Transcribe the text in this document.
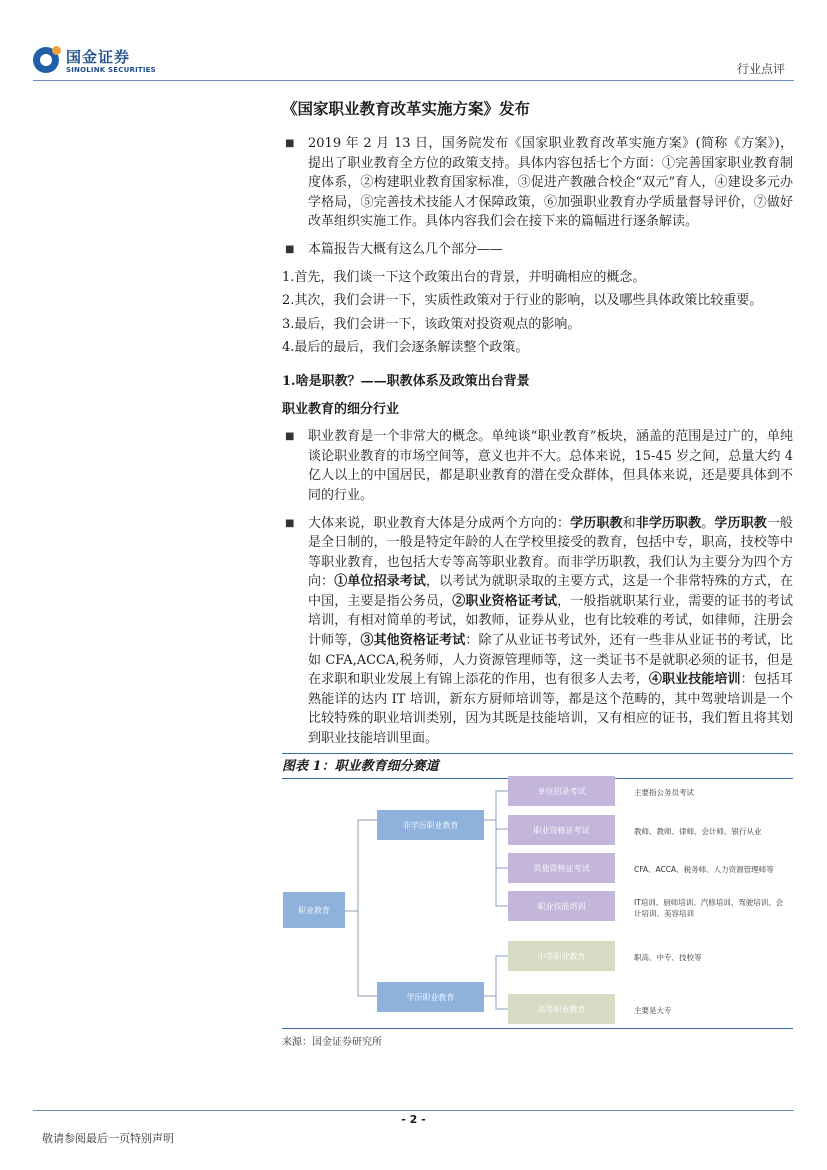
国金证券
SINOLINK SECURITIES	行业点评
《国家职业教育改革实施方案》发布
■ 2019 年 2 月 13 日，国务院发布《国家职业教育改革实施方案》(简称《方案》)，提出了职业教育全方位的政策支持。具体内容包括七个方面：①完善国家职业教育制度体系，②构建职业教育国家标准，③促进产教融合校企“双元”育人，④建设多元办学格局，⑤完善技术技能人才保障政策，⑥加强职业教育办学质量督导评价，⑦做好改革组织实施工作。具体内容我们会在接下来的篇幅进行逐条解读。
■ 本篇报告大概有这么几个部分——
1.首先，我们谈一下这个政策出台的背景，并明确相应的概念。
2.其次，我们会讲一下，实质性政策对于行业的影响，以及哪些具体政策比较重要。
3.最后，我们会讲一下，该政策对投资观点的影响。
4.最后的最后，我们会逐条解读整个政策。
1.啥是职教？——职教体系及政策出台背景
职业教育的细分行业
■ 职业教育是一个非常大的概念。单纯谈“职业教育”板块，涵盖的范围是过广的，单纯谈论职业教育的市场空间等，意义也并不大。总体来说，15-45 岁之间，总量大约 4 亿人以上的中国居民，都是职业教育的潜在受众群体，但具体来说，还是要具体到不同的行业。
■ 大体来说，职业教育大体是分成两个方向的：学历职教和非学历职教。学历职教一般是全日制的，一般是特定年龄的人在学校里接受的教育，包括中专，职高，技校等中等职业教育，也包括大专等高等职业教育。而非学历职教，我们认为主要分为四个方向：①单位招录考试，以考试为就职录取的主要方式，这是一个非常特殊的方式，在中国，主要是指公务员，②职业资格证考试，一般指就职某行业，需要的证书的考试培训，有相对简单的考试，如教师，证券从业，也有比较难的考试，如律师，注册会计师等，③其他资格证考试：除了从业证书考试外，还有一些非从业证书的考试，比如 CFA,ACCA,税务师，人力资源管理师等，这一类证书不是就职必须的证书，但是在求职和职业发展上有锦上添花的作用，也有很多人去考，④职业技能培训：包括耳熟能详的达内 IT 培训，新东方厨师培训等，都是这个范畴的，其中驾驶培训是一个比较特殊的职业培训类别，因为其既是技能培训，又有相应的证书，我们暂且将其划到职业技能培训里面。
图表 1：职业教育细分赛道
职业教育
非学历职业教育
学历职业教育
单位招录考试
职业资格证考试
其他资格证考试
职业技能培训
中等职业教育
高等职业教育
主要指公务员考试
教师、教师、律师、会计师、银行从业
CFA、ACCA、税务师、人力资源管理师等
IT培训、厨师培训、汽修培训、驾驶培训、会计培训、美容培训
职高、中专、技校等
主要是大专
来源：国金证券研究所
- 2 -
敬请参阅最后一页特别声明
